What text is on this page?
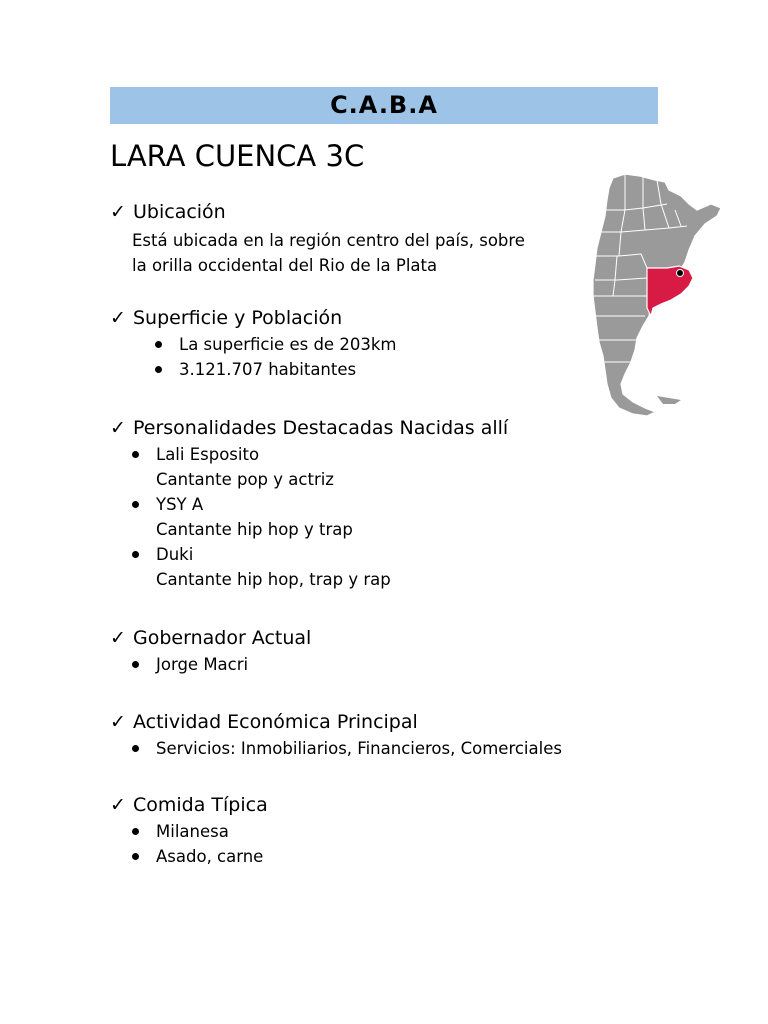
C.A.B.A
LARA CUENCA 3C
✓ Ubicación
Está ubicada en la región centro del país, sobre
la orilla occidental del Rio de la Plata
✓ Superficie y Población
La superficie es de 203km
3.121.707 habitantes
✓ Personalidades Destacadas Nacidas allí
Lali Esposito
Cantante pop y actriz
YSY A
Cantante hip hop y trap
Duki
Cantante hip hop, trap y rap
✓ Gobernador Actual
Jorge Macri
✓ Actividad Económica Principal
Servicios: Inmobiliarios, Financieros, Comerciales
✓ Comida Típica
Milanesa
Asado, carne
